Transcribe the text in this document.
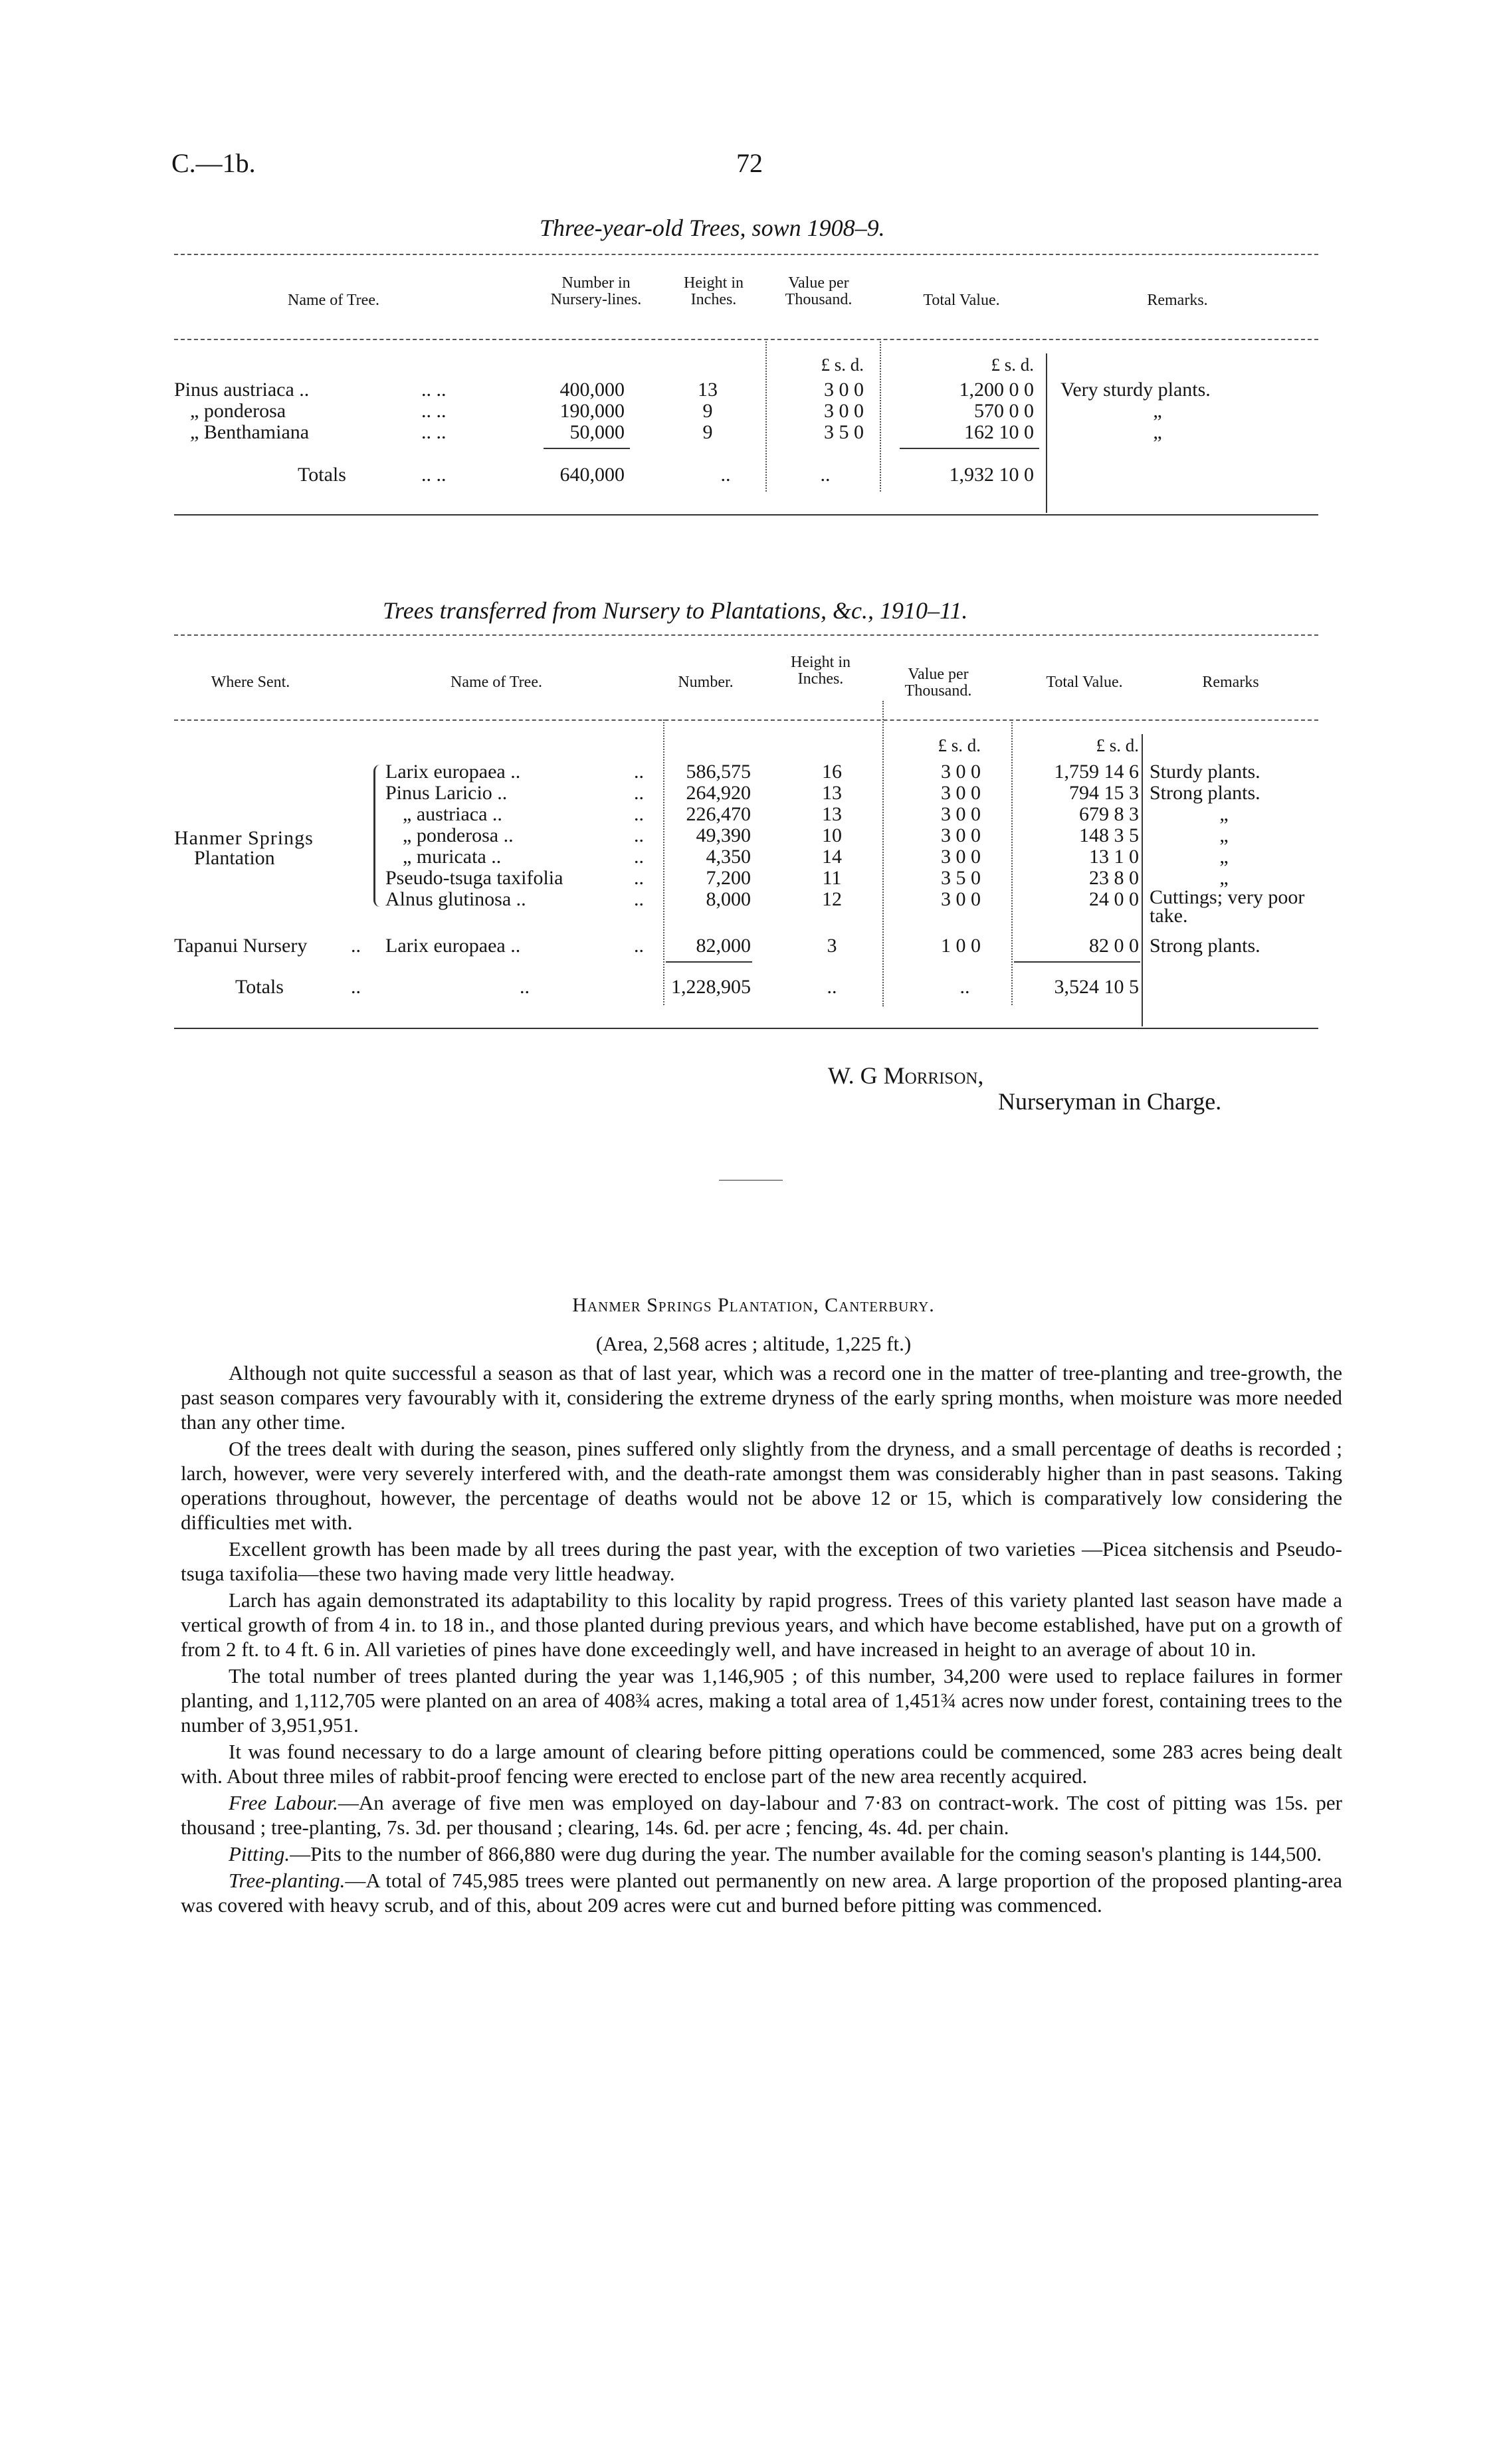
C.—1b.	72
Three-year-old Trees, sown 1908–9.
Name of Tree.
Number in Nursery-lines.
Height in Inches.
Value per Thousand.	Total Value.	Remarks.
£ s. d.	£ s. d.
Pinus austriaca ..	.. ..	400,000	13	3 0 0	1,200 0 0 Very sturdy plants.
„ ponderosa	.. ..	190,000	9	3 0 0	570 0 0	„
„ Benthamiana	.. ..	50,000	9	3 5 0	162 10 0	„
Totals	.. ..	640,000	..	..	1,932 10 0
Trees transferred from Nursery to Plantations, &c., 1910–11.
Where Sent.	Name of Tree.	Number.
Height in Inches.	Value per Thousand.
Total Value.	Remarks
£ s. d.	£ s. d.
Hanmer Springs
Plantation
Larix europaea ..	..	586,575	16	3 0 0	1,759 14 6 Sturdy plants.
Pinus Laricio ..	..	264,920	13	3 0 0	794 15 3 Strong plants.
„ austriaca ..	..	226,470	13	3 0 0	679 8 3	„
„ ponderosa ..	..	49,390	10	3 0 0	148 3 5	„
„ muricata ..	..	4,350	14	3 0 0	13 1 0	„
Pseudo-tsuga taxifolia	..	7,200	11	3 5 0	23 8 0	„
Alnus glutinosa ..	..	8,000	12	3 0 0	24 0 0 Cuttings; very poor take.
Tapanui Nursery .. Larix europaea ..	..	82,000	3	1 0 0	82 0 0 Strong plants.
Totals	..	..	1,228,905	..	..	3,524 10 5
W. G Morrison,
Nurseryman in Charge.
Hanmer Springs Plantation, Canterbury.
(Area, 2,568 acres ; altitude, 1,225 ft.)

Although not quite successful a season as that of last year, which was a record one in the matter of tree-planting and tree-growth, the past season compares very favourably with it, considering the extreme dryness of the early spring months, when moisture was more needed than any other time.

Of the trees dealt with during the season, pines suffered only slightly from the dryness, and a small percentage of deaths is recorded ; larch, however, were very severely interfered with, and the death-rate amongst them was considerably higher than in past seasons. Taking operations throughout, however, the percentage of deaths would not be above 12 or 15, which is comparatively low considering the difficulties met with.

Excellent growth has been made by all trees during the past year, with the exception of two varieties —Picea sitchensis and Pseudo-tsuga taxifolia—these two having made very little headway.

Larch has again demonstrated its adaptability to this locality by rapid progress. Trees of this variety planted last season have made a vertical growth of from 4 in. to 18 in., and those planted during previous years, and which have become established, have put on a growth of from 2 ft. to 4 ft. 6 in. All varieties of pines have done exceedingly well, and have increased in height to an average of about 10 in.

The total number of trees planted during the year was 1,146,905 ; of this number, 34,200 were used to replace failures in former planting, and 1,112,705 were planted on an area of 408¾ acres, making a total area of 1,451¾ acres now under forest, containing trees to the number of 3,951,951.

It was found necessary to do a large amount of clearing before pitting operations could be commenced, some 283 acres being dealt with. About three miles of rabbit-proof fencing were erected to enclose part of the new area recently acquired.

Free Labour.—An average of five men was employed on day-labour and 7·83 on contract-work. The cost of pitting was 15s. per thousand ; tree-planting, 7s. 3d. per thousand ; clearing, 14s. 6d. per acre ; fencing, 4s. 4d. per chain.

Pitting.—Pits to the number of 866,880 were dug during the year. The number available for the coming season's planting is 144,500.

Tree-planting.—A total of 745,985 trees were planted out permanently on new area. A large proportion of the proposed planting-area was covered with heavy scrub, and of this, about 209 acres were cut and burned before pitting was commenced.
